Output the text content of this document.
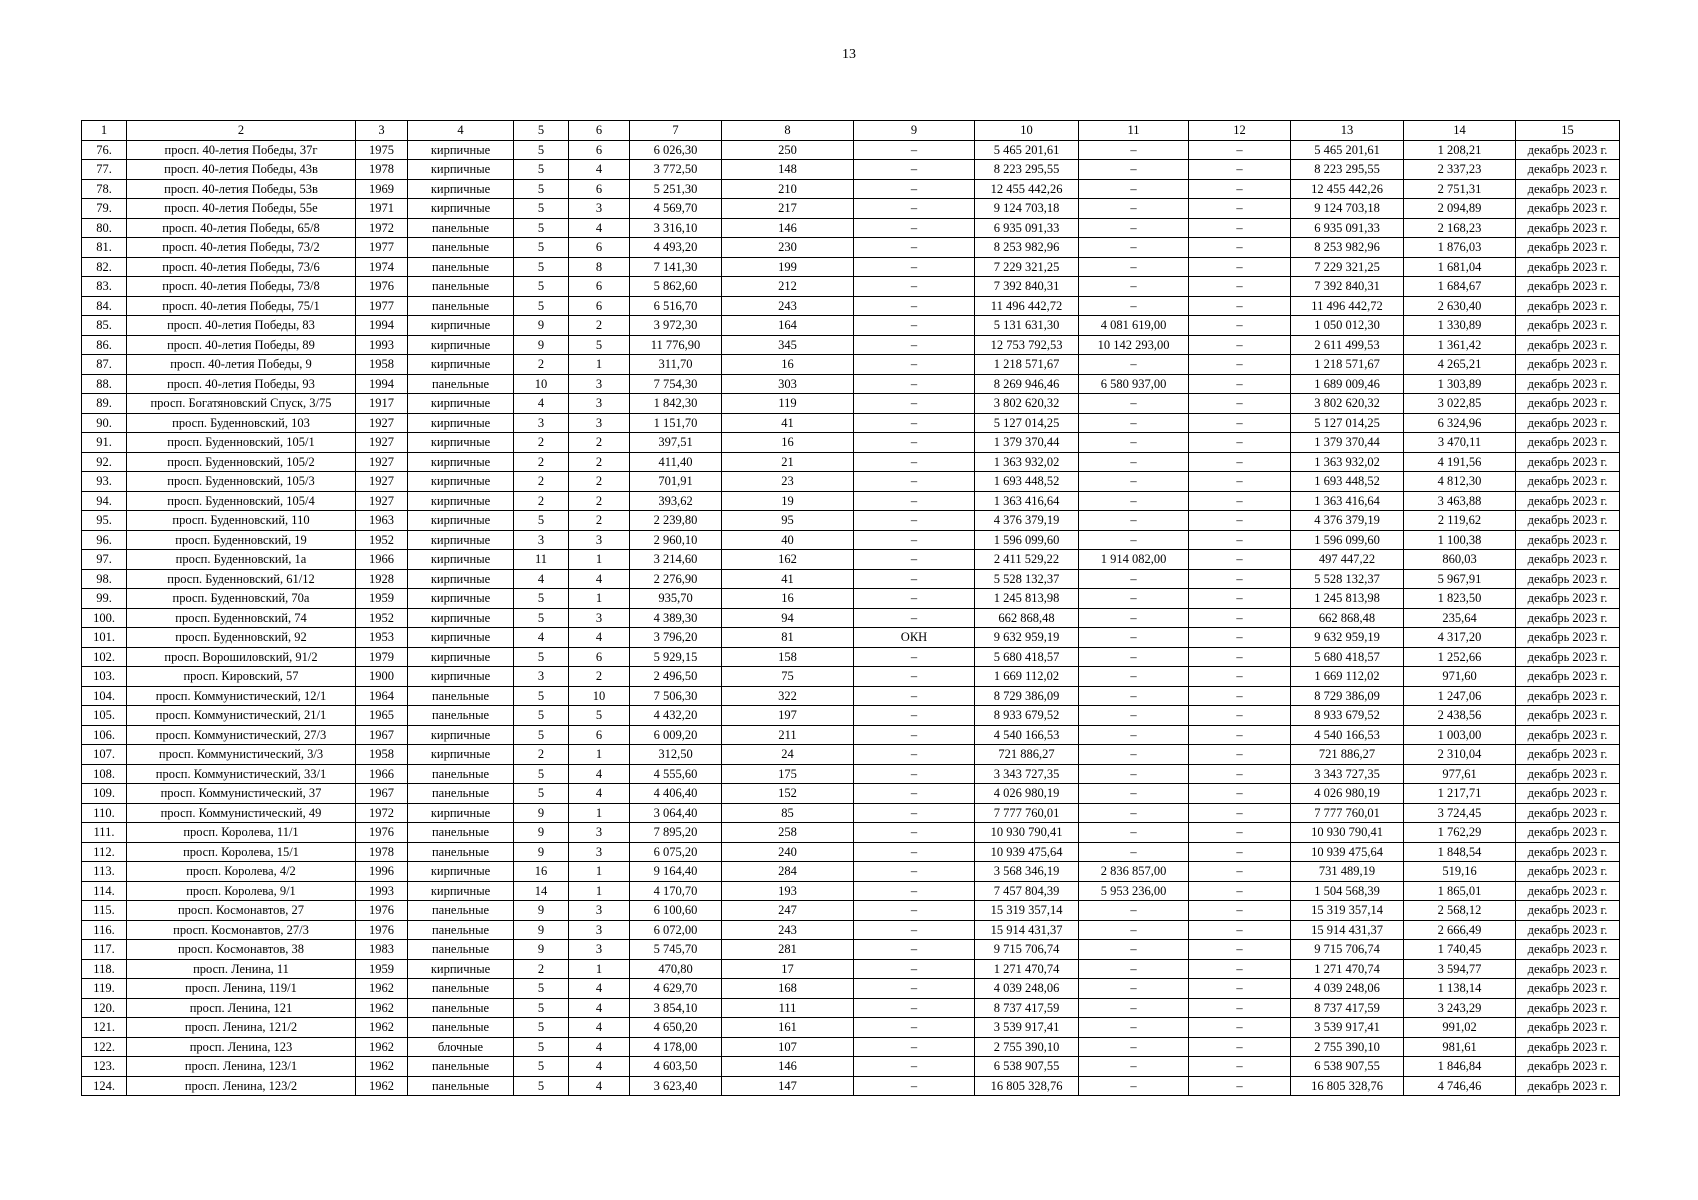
13
1	2	3	4	5	6	7	8	9	10	11	12	13	14	15
76.	просп. 40-летия Победы, 37г	1975	кирпичные	5	6	6 026,30	250	–	5 465 201,61	–	–	5 465 201,61	1 208,21	декабрь 2023 г.
77.	просп. 40-летия Победы, 43в	1978	кирпичные	5	4	3 772,50	148	–	8 223 295,55	–	–	8 223 295,55	2 337,23	декабрь 2023 г.
78.	просп. 40-летия Победы, 53в	1969	кирпичные	5	6	5 251,30	210	–	12 455 442,26	–	–	12 455 442,26	2 751,31	декабрь 2023 г.
79.	просп. 40-летия Победы, 55е	1971	кирпичные	5	3	4 569,70	217	–	9 124 703,18	–	–	9 124 703,18	2 094,89	декабрь 2023 г.
80.	просп. 40-летия Победы, 65/8	1972	панельные	5	4	3 316,10	146	–	6 935 091,33	–	–	6 935 091,33	2 168,23	декабрь 2023 г.
81.	просп. 40-летия Победы, 73/2	1977	панельные	5	6	4 493,20	230	–	8 253 982,96	–	–	8 253 982,96	1 876,03	декабрь 2023 г.
82.	просп. 40-летия Победы, 73/6	1974	панельные	5	8	7 141,30	199	–	7 229 321,25	–	–	7 229 321,25	1 681,04	декабрь 2023 г.
83.	просп. 40-летия Победы, 73/8	1976	панельные	5	6	5 862,60	212	–	7 392 840,31	–	–	7 392 840,31	1 684,67	декабрь 2023 г.
84.	просп. 40-летия Победы, 75/1	1977	панельные	5	6	6 516,70	243	–	11 496 442,72	–	–	11 496 442,72	2 630,40	декабрь 2023 г.
85.	просп. 40-летия Победы, 83	1994	кирпичные	9	2	3 972,30	164	–	5 131 631,30	4 081 619,00	–	1 050 012,30	1 330,89	декабрь 2023 г.
86.	просп. 40-летия Победы, 89	1993	кирпичные	9	5	11 776,90	345	–	12 753 792,53	10 142 293,00	–	2 611 499,53	1 361,42	декабрь 2023 г.
87.	просп. 40-летия Победы, 9	1958	кирпичные	2	1	311,70	16	–	1 218 571,67	–	–	1 218 571,67	4 265,21	декабрь 2023 г.
88.	просп. 40-летия Победы, 93	1994	панельные	10	3	7 754,30	303	–	8 269 946,46	6 580 937,00	–	1 689 009,46	1 303,89	декабрь 2023 г.
89.	просп. Богатяновский Спуск, 3/75	1917	кирпичные	4	3	1 842,30	119	–	3 802 620,32	–	–	3 802 620,32	3 022,85	декабрь 2023 г.
90.	просп. Буденновский, 103	1927	кирпичные	3	3	1 151,70	41	–	5 127 014,25	–	–	5 127 014,25	6 324,96	декабрь 2023 г.
91.	просп. Буденновский, 105/1	1927	кирпичные	2	2	397,51	16	–	1 379 370,44	–	–	1 379 370,44	3 470,11	декабрь 2023 г.
92.	просп. Буденновский, 105/2	1927	кирпичные	2	2	411,40	21	–	1 363 932,02	–	–	1 363 932,02	4 191,56	декабрь 2023 г.
93.	просп. Буденновский, 105/3	1927	кирпичные	2	2	701,91	23	–	1 693 448,52	–	–	1 693 448,52	4 812,30	декабрь 2023 г.
94.	просп. Буденновский, 105/4	1927	кирпичные	2	2	393,62	19	–	1 363 416,64	–	–	1 363 416,64	3 463,88	декабрь 2023 г.
95.	просп. Буденновский, 110	1963	кирпичные	5	2	2 239,80	95	–	4 376 379,19	–	–	4 376 379,19	2 119,62	декабрь 2023 г.
96.	просп. Буденновский, 19	1952	кирпичные	3	3	2 960,10	40	–	1 596 099,60	–	–	1 596 099,60	1 100,38	декабрь 2023 г.
97.	просп. Буденновский, 1а	1966	кирпичные	11	1	3 214,60	162	–	2 411 529,22	1 914 082,00	–	497 447,22	860,03	декабрь 2023 г.
98.	просп. Буденновский, 61/12	1928	кирпичные	4	4	2 276,90	41	–	5 528 132,37	–	–	5 528 132,37	5 967,91	декабрь 2023 г.
99.	просп. Буденновский, 70а	1959	кирпичные	5	1	935,70	16	–	1 245 813,98	–	–	1 245 813,98	1 823,50	декабрь 2023 г.
100.	просп. Буденновский, 74	1952	кирпичные	5	3	4 389,30	94	–	662 868,48	–	–	662 868,48	235,64	декабрь 2023 г.
101.	просп. Буденновский, 92	1953	кирпичные	4	4	3 796,20	81	ОКН	9 632 959,19	–	–	9 632 959,19	4 317,20	декабрь 2023 г.
102.	просп. Ворошиловский, 91/2	1979	кирпичные	5	6	5 929,15	158	–	5 680 418,57	–	–	5 680 418,57	1 252,66	декабрь 2023 г.
103.	просп. Кировский, 57	1900	кирпичные	3	2	2 496,50	75	–	1 669 112,02	–	–	1 669 112,02	971,60	декабрь 2023 г.
104.	просп. Коммунистический, 12/1	1964	панельные	5	10	7 506,30	322	–	8 729 386,09	–	–	8 729 386,09	1 247,06	декабрь 2023 г.
105.	просп. Коммунистический, 21/1	1965	панельные	5	5	4 432,20	197	–	8 933 679,52	–	–	8 933 679,52	2 438,56	декабрь 2023 г.
106.	просп. Коммунистический, 27/3	1967	кирпичные	5	6	6 009,20	211	–	4 540 166,53	–	–	4 540 166,53	1 003,00	декабрь 2023 г.
107.	просп. Коммунистический, 3/3	1958	кирпичные	2	1	312,50	24	–	721 886,27	–	–	721 886,27	2 310,04	декабрь 2023 г.
108.	просп. Коммунистический, 33/1	1966	панельные	5	4	4 555,60	175	–	3 343 727,35	–	–	3 343 727,35	977,61	декабрь 2023 г.
109.	просп. Коммунистический, 37	1967	панельные	5	4	4 406,40	152	–	4 026 980,19	–	–	4 026 980,19	1 217,71	декабрь 2023 г.
110.	просп. Коммунистический, 49	1972	кирпичные	9	1	3 064,40	85	–	7 777 760,01	–	–	7 777 760,01	3 724,45	декабрь 2023 г.
111.	просп. Королева, 11/1	1976	панельные	9	3	7 895,20	258	–	10 930 790,41	–	–	10 930 790,41	1 762,29	декабрь 2023 г.
112.	просп. Королева, 15/1	1978	панельные	9	3	6 075,20	240	–	10 939 475,64	–	–	10 939 475,64	1 848,54	декабрь 2023 г.
113.	просп. Королева, 4/2	1996	кирпичные	16	1	9 164,40	284	–	3 568 346,19	2 836 857,00	–	731 489,19	519,16	декабрь 2023 г.
114.	просп. Королева, 9/1	1993	кирпичные	14	1	4 170,70	193	–	7 457 804,39	5 953 236,00	–	1 504 568,39	1 865,01	декабрь 2023 г.
115.	просп. Космонавтов, 27	1976	панельные	9	3	6 100,60	247	–	15 319 357,14	–	–	15 319 357,14	2 568,12	декабрь 2023 г.
116.	просп. Космонавтов, 27/3	1976	панельные	9	3	6 072,00	243	–	15 914 431,37	–	–	15 914 431,37	2 666,49	декабрь 2023 г.
117.	просп. Космонавтов, 38	1983	панельные	9	3	5 745,70	281	–	9 715 706,74	–	–	9 715 706,74	1 740,45	декабрь 2023 г.
118.	просп. Ленина, 11	1959	кирпичные	2	1	470,80	17	–	1 271 470,74	–	–	1 271 470,74	3 594,77	декабрь 2023 г.
119.	просп. Ленина, 119/1	1962	панельные	5	4	4 629,70	168	–	4 039 248,06	–	–	4 039 248,06	1 138,14	декабрь 2023 г.
120.	просп. Ленина, 121	1962	панельные	5	4	3 854,10	111	–	8 737 417,59	–	–	8 737 417,59	3 243,29	декабрь 2023 г.
121.	просп. Ленина, 121/2	1962	панельные	5	4	4 650,20	161	–	3 539 917,41	–	–	3 539 917,41	991,02	декабрь 2023 г.
122.	просп. Ленина, 123	1962	блочные	5	4	4 178,00	107	–	2 755 390,10	–	–	2 755 390,10	981,61	декабрь 2023 г.
123.	просп. Ленина, 123/1	1962	панельные	5	4	4 603,50	146	–	6 538 907,55	–	–	6 538 907,55	1 846,84	декабрь 2023 г.
124.	просп. Ленина, 123/2	1962	панельные	5	4	3 623,40	147	–	16 805 328,76	–	–	16 805 328,76	4 746,46	декабрь 2023 г.
